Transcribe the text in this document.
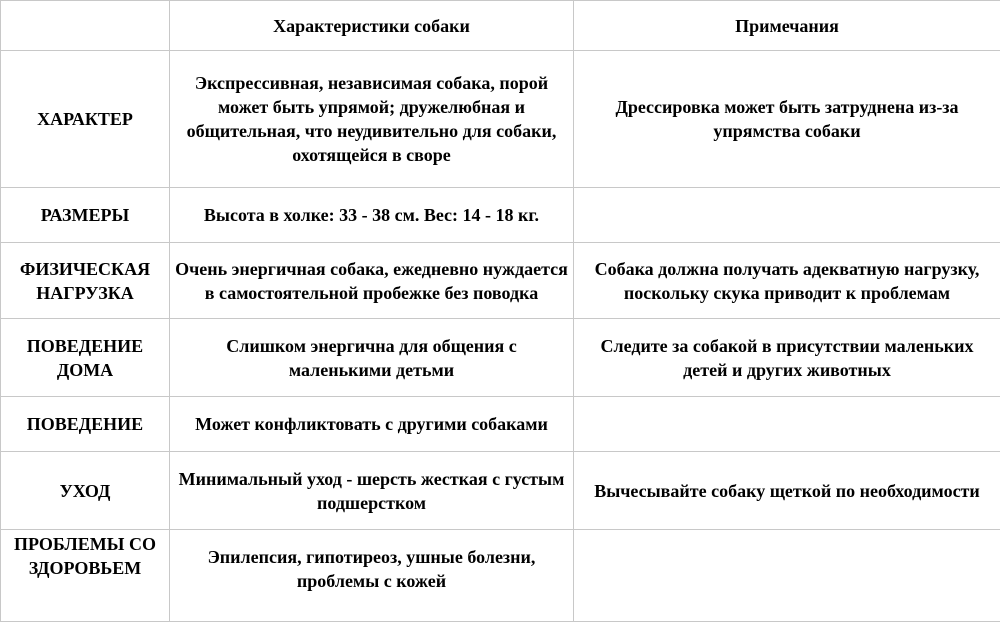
	Характеристики собаки	Примечания
ХАРАКТЕР	Экспрессивная, независимая собака, порой может быть упрямой; дружелюбная и общительная, что неудивительно для собаки, охотящейся в своре	Дрессировка может быть затруднена из-за упрямства собаки
РАЗМЕРЫ	Высота в холке: 33 - 38 см. Вес: 14 - 18 кг.	
ФИЗИЧЕСКАЯ НАГРУЗКА	Очень энергичная собака, ежедневно нуждается в самостоятельной пробежке без поводка	Собака должна получать адекватную нагрузку, поскольку скука приводит к проблемам
ПОВЕДЕНИЕ ДОМА	Слишком энергична для общения с маленькими детьми	Следите за собакой в присутствии маленьких детей и других животных
ПОВЕДЕНИЕ	Может конфликтовать с другими собаками	
УХОД	Минимальный уход - шерсть жесткая с густым подшерстком	Вычесывайте собаку щеткой по необходимости
ПРОБЛЕМЫ СО ЗДОРОВЬЕМ	Эпилепсия, гипотиреоз, ушные болезни, проблемы с кожей	
